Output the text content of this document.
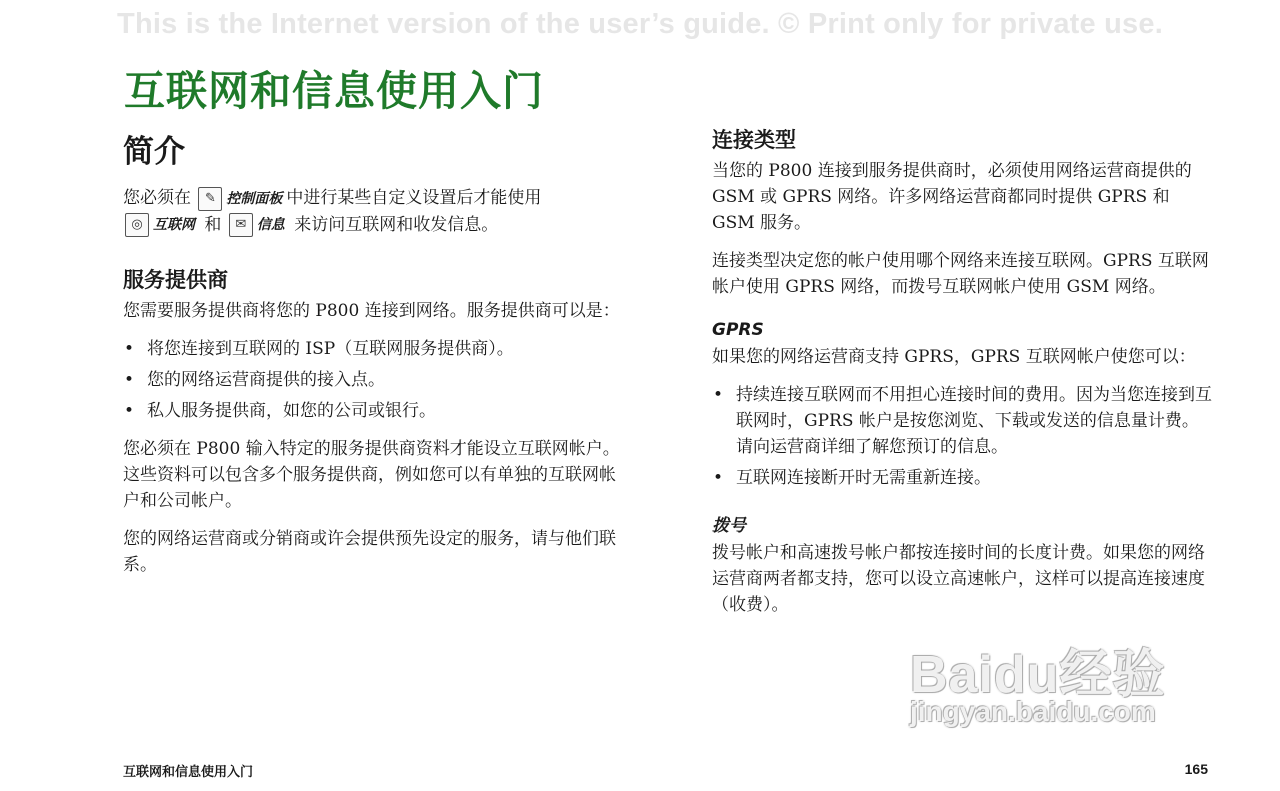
This is the Internet version of the user’s guide. © Print only for private use.
互联网和信息使用入门
简介

您必须在	✎ 控制面板 中进行某些自定义设置后才能使用

◎ 互联网 和	✉ 信息 来访问互联网和收发信息。

服务提供商

您需要服务提供商将您的 P800 连接到网络。服务提供商可以是：

• 将您连接到互联网的 ISP（互联网服务提供商）。
• 您的网络运营商提供的接入点。
• 私人服务提供商，如您的公司或银行。

您必须在 P800 输入特定的服务提供商资料才能设立互联网帐户。这些资料可以包含多个服务提供商，例如您可以有单独的互联网帐户和公司帐户。

您的网络运营商或分销商或许会提供预先设定的服务，请与他们联系。

连接类型

当您的 P800 连接到服务提供商时，必须使用网络运营商提供的 GSM 或 GPRS 网络。许多网络运营商都同时提供 GPRS 和 GSM 服务。

连接类型决定您的帐户使用哪个网络来连接互联网。GPRS 互联网帐户使用 GPRS 网络，而拨号互联网帐户使用 GSM 网络。

GPRS

如果您的网络运营商支持 GPRS，GPRS 互联网帐户使您可以：

• 持续连接互联网而不用担心连接时间的费用。因为当您连接到互联网时，GPRS 帐户是按您浏览、下载或发送的信息量计费。请向运营商详细了解您预订的信息。
• 互联网连接断开时无需重新连接。
拨号

拨号帐户和高速拨号帐户都按连接时间的长度计费。如果您的网络运营商两者都支持，您可以设立高速帐户，这样可以提高连接速度（收费）。

Baidu经验
jingyan.baidu.com
互联网和信息使用入门	165
